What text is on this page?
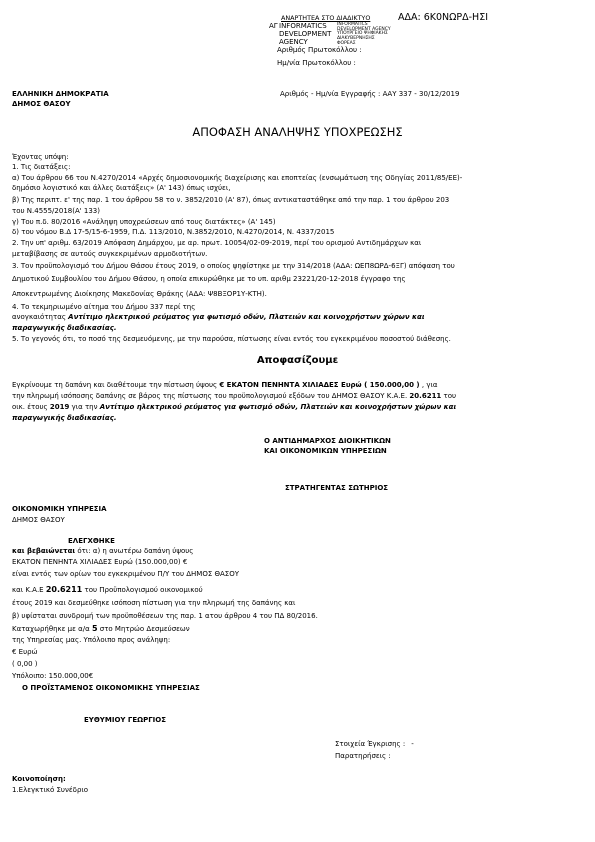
ΑΝΑΡΤΗΤΕΑ ΣΤΟ ΔΙΑΔΙΚΤΥΟ	ΑΔΑ: 6Κ0ΝΩΡΔ-ΗΣΙ
ΑΓ INFORMATICS
DEVELOPMENT
AGENCY
INFORMATICS
DEVELOPMENT AGENCY
ΥΠΟΥΡΓΕΙΟ ΨΗΦΙΑΚΗΣ
ΔΙΑΚΥΒΕΡΝΗΣΗΣ
ΦΟΡΕΑΣ
Αριθμός Πρωτοκόλλου :
Ημ/νία Πρωτοκόλλου :
ΕΛΛΗΝΙΚΗ ΔΗΜΟΚΡΑΤΙΑ
ΔΗΜΟΣ ΘΑΣΟΥ
Αριθμός - Ημ/νία Εγγραφής : ΑΑΥ 337 - 30/12/2019
ΑΠΟΦΑΣΗ ΑΝΑΛΗΨΗΣ ΥΠΟΧΡΕΩΣΗΣ
Έχοντας υπόψη:
1. Τις διατάξεις:
α) Του άρθρου 66 του Ν.4270/2014 «Αρχές δημοσιονομικής διαχείρισης και εποπτείας (ενσωμάτωση της Οδηγίας 2011/85/ΕΕ)-
δημόσιο λογιστικό και άλλες διατάξεις» (Α' 143) όπως ισχύει,
β) Της περιπτ. ε' της παρ. 1 του άρθρου 58 το ν. 3852/2010 (Α' 87), όπως αντικαταστάθηκε από την παρ. 1 του άρθρου 203
του Ν.4555/2018(Α' 133)
γ) Του π.δ. 80/2016 «Ανάληψη υποχρεώσεων από τους διατάκτες» (Α' 145)
δ) του νόμου Β.Δ 17-5/15-6-1959, Π.Δ. 113/2010, Ν.3852/2010, Ν.4270/2014, Ν. 4337/2015
2. Την υπ' αριθμ. 63/2019 Απόφαση Δημάρχου, με αρ. πρωτ. 10054/02-09-2019, περί του ορισμού Αντιδημάρχων και
μεταβίβασης σε αυτούς συγκεκριμένων αρμοδιοτήτων.
3. Τον προϋπολογισμό του Δήμου Θάσου έτους 2019, ο οποίος ψηφίστηκε με την 314/2018 (ΑΔΑ: ΩΕΠ8ΩΡΔ-6ΞΓ) απόφαση του
Δημοτικού Συμβουλίου του Δήμου Θάσου, η οποία επικυρώθηκε με το υπ. αριθμ 23221/20-12-2018 έγγραφο της
Αποκεντρωμένης Διοίκησης Μακεδονίας Θράκης (ΑΔΑ: Ψ8ΒΞΟΡ1Υ-ΚΤΗ).
4. Το τεκμηριωμένο αίτημα του Δήμου 337 περί της
ανογκαιότητας Αντίτιμο ηλεκτρικού ρεύματος για φωτισμό οδών, Πλατειών και κοινοχρήστων χώρων και
παραγωγικής διαδικασίας.
5. Το γεγονός ότι, το ποσό της δεσμευόμενης, με την παρούσα, πίστωσης είναι εντός του εγκεκριμένου ποσοστού διάθεσης.
Αποφασίζουμε
Εγκρίνουμε τη δαπάνη και διαθέτουμε την πίστωση ύψους € ΕΚΑΤΟΝ ΠΕΝΗΝΤΑ ΧΙΛΙΑΔΕΣ Ευρώ ( 150.000,00 ) , για
την πληρωμή ισόποσης δαπάνης σε βάρος της πίστωσης του προϋπολογισμού εξόδων του ΔΗΜΟΣ ΘΑΣΟΥ Κ.Α.Ε. 20.6211 του
οικ. έτους 2019 για την Αντίτιμο ηλεκτρικού ρεύματος για φωτισμό οδών, Πλατειών και κοινοχρήστων χώρων και
παραγωγικής διαδικασίας.
Ο ΑΝΤΙΔΗΜΑΡΧΟΣ ΔΙΟΙΚΗΤΙΚΩΝ
ΚΑΙ ΟΙΚΟΝΟΜΙΚΩΝ ΥΠΗΡΕΣΙΩΝ
ΣΤΡΑΤΗΓΕΝΤΑΣ ΣΩΤΗΡΙΟΣ
ΟΙΚΟΝΟΜΙΚΗ ΥΠΗΡΕΣΙΑ
ΔΗΜΟΣ ΘΑΣΟΥ
ΕΛΕΓΧΘΗΚΕ
και βεβαιώνεται ότι: α) η ανωτέρω δαπάνη ύψους
ΕΚΑΤΟΝ ΠΕΝΗΝΤΑ ΧΙΛΙΑΔΕΣ Ευρώ (150.000,00) €
είναι εντός των ορίων του εγκεκριμένου Π/Υ του ΔΗΜΟΣ ΘΑΣΟΥ
και Κ.Α.Ε 20.6211 του Προϋπολογισμού οικονομικού
έτους 2019 και δεσμεύθηκε ισόποση πίστωση για την πληρωμή της δαπάνης και
β) υφίσταται συνδρομή των προϋποθέσεων της παρ. 1 ατου άρθρου 4 του ΠΔ 80/2016.
Καταχωρήθηκε με α/α 5 στο Μητρώο Δεσμεύσεων
της Υπηρεσίας μας. Υπόλοιπο προς ανάληψη:
€ Ευρώ
( 0,00 )
Υπόλοιπο: 150.000,00€
Ο ΠΡΟΪΣΤΑΜΕΝΟΣ ΟΙΚΟΝΟΜΙΚΗΣ ΥΠΗΡΕΣΙΑΣ
ΕΥΘΥΜΙΟΥ ΓΕΩΡΓΙΟΣ
Στοιχεία Έγκρισης : -
Παρατηρήσεις :
Κοινοποίηση:
1.Ελεγκτικό Συνέδριο
